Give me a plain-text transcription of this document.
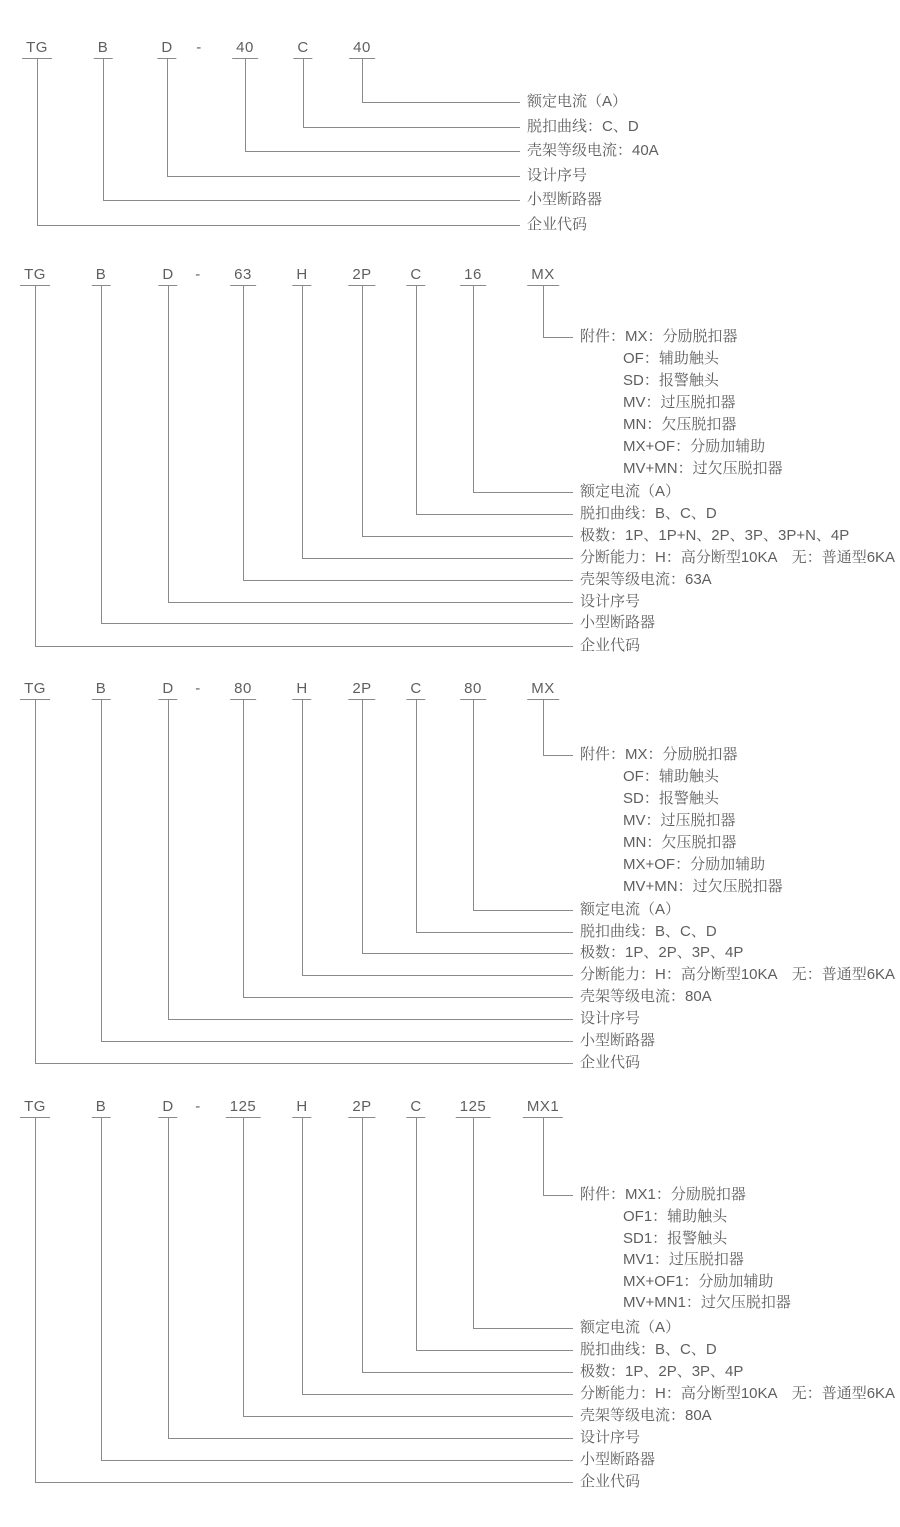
TG
企业代码
B
小型断路器
D
设计序号
- 40
壳架等级电流：40A
C
脱扣曲线：C、D
40
额定电流（A）
TG
企业代码
B
小型断路器
D
设计序号
- 63
壳架等级电流：63A
H
分断能力：H：高分断型10KA　无：普通型6KA
2P
极数：1P、1P+N、2P、3P、3P+N、4P
C
脱扣曲线：B、C、D
16
额定电流（A）
MX
附件：MX：分励脱扣器
OF：辅助触头
SD：报警触头
MV：过压脱扣器
MN：欠压脱扣器
MX+OF：分励加辅助
MV+MN：过欠压脱扣器
TG
企业代码
B
小型断路器
D
设计序号
- 80
壳架等级电流：80A
H
分断能力：H：高分断型10KA　无：普通型6KA
2P
极数：1P、2P、3P、4P
C
脱扣曲线：B、C、D
80
额定电流（A）
MX
附件：MX：分励脱扣器
OF：辅助触头
SD：报警触头
MV：过压脱扣器
MN：欠压脱扣器
MX+OF：分励加辅助
MV+MN：过欠压脱扣器
TG
企业代码
B
小型断路器
D
设计序号
- 125
壳架等级电流：80A
H
分断能力：H：高分断型10KA　无：普通型6KA
2P
极数：1P、2P、3P、4P
C
脱扣曲线：B、C、D
125
额定电流（A）
MX1
附件：MX1：分励脱扣器
OF1：辅助触头
SD1：报警触头
MV1：过压脱扣器
MX+OF1：分励加辅助
MV+MN1：过欠压脱扣器
